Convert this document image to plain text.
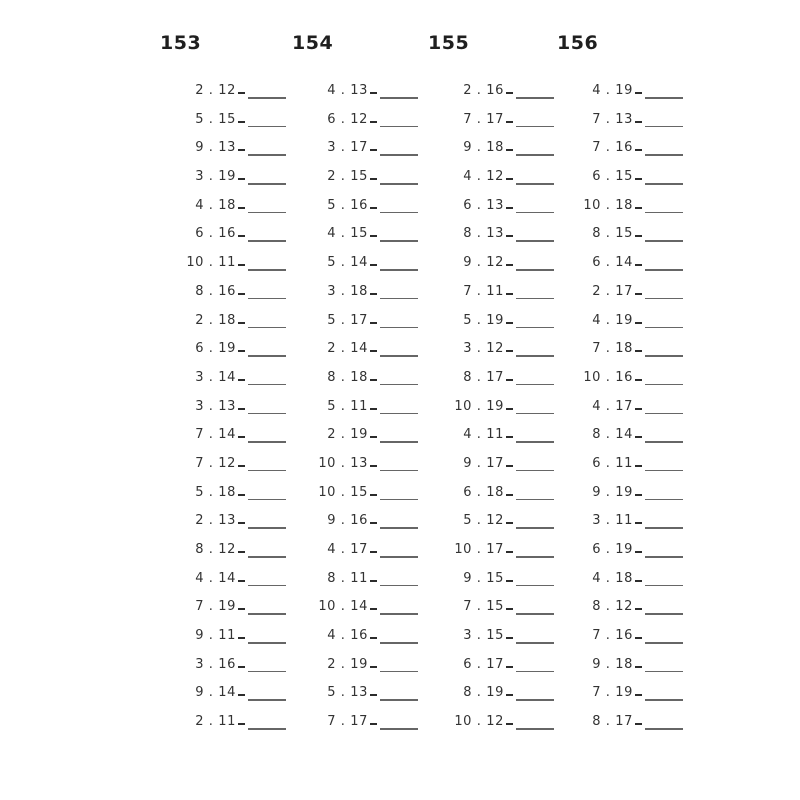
153
2 . 12
5 . 15
9 . 13
3 . 19
4 . 18
6 . 16
10 . 11
8 . 16
2 . 18
6 . 19
3 . 14
3 . 13
7 . 14
7 . 12
5 . 18
2 . 13
8 . 12
4 . 14
7 . 19
9 . 11
3 . 16
9 . 14
2 . 11
154
4 . 13
6 . 12
3 . 17
2 . 15
5 . 16
4 . 15
5 . 14
3 . 18
5 . 17
2 . 14
8 . 18
5 . 11
2 . 19
10 . 13
10 . 15
9 . 16
4 . 17
8 . 11
10 . 14
4 . 16
2 . 19
5 . 13
7 . 17
155
2 . 16
7 . 17
9 . 18
4 . 12
6 . 13
8 . 13
9 . 12
7 . 11
5 . 19
3 . 12
8 . 17
10 . 19
4 . 11
9 . 17
6 . 18
5 . 12
10 . 17
9 . 15
7 . 15
3 . 15
6 . 17
8 . 19
10 . 12
156
4 . 19
7 . 13
7 . 16
6 . 15
10 . 18
8 . 15
6 . 14
2 . 17
4 . 19
7 . 18
10 . 16
4 . 17
8 . 14
6 . 11
9 . 19
3 . 11
6 . 19
4 . 18
8 . 12
7 . 16
9 . 18
7 . 19
8 . 17
